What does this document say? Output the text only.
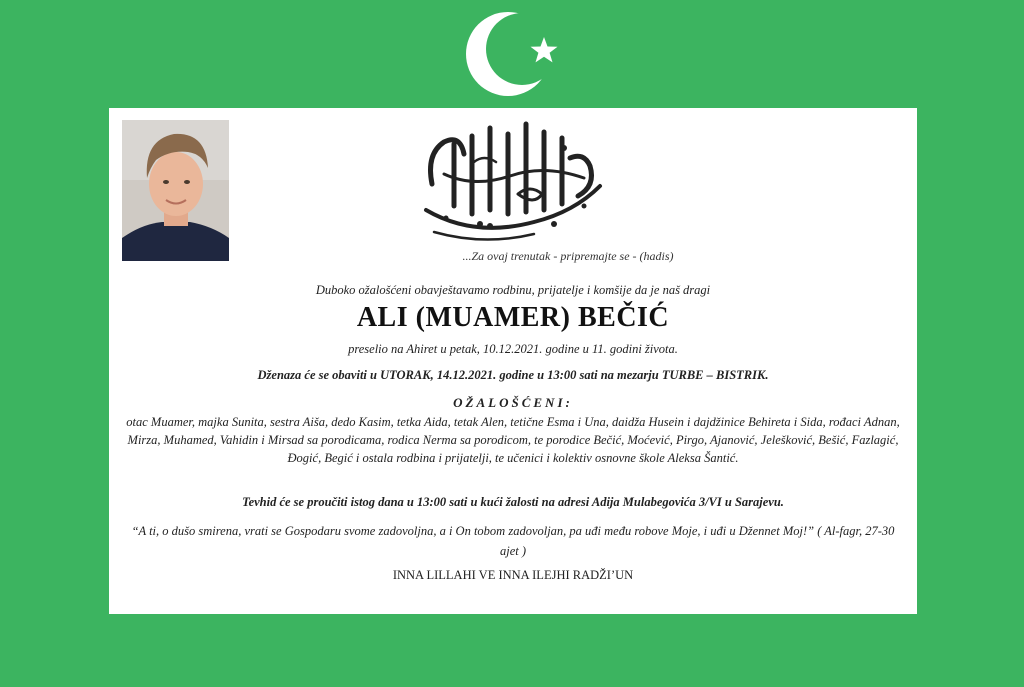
...Za ovaj trenutak - pripremajte se - (hadis)
Duboko ožalošćeni obavještavamo rodbinu, prijatelje i komšije da je naš dragi
ALI (MUAMER) BEČIĆ
preselio na Ahiret u petak, 10.12.2021. godine u 11. godini života.
Dženaza će se obaviti u UTORAK, 14.12.2021. godine u 13:00 sati na mezarju TURBE – BISTRIK.
OŽALOŠĆENI:
otac Muamer, majka Sunita, sestra Aiša, dedo Kasim, tetka Aida, tetak Alen, tetične Esma i Una, daidža Husein i dajdžinice Behireta i Sida, rođaci Adnan, Mirza, Muhamed, Vahidin i Mirsad sa porodicama, rodica Nerma sa porodicom, te porodice Bečić, Moćević, Pirgo, Ajanović, Jelešković, Bešić, Fazlagić, Đogić, Begić i ostala rodbina i prijatelji, te učenici i kolektiv osnovne škole Aleksa Šantić.
Tevhid će se proučiti istog dana u 13:00 sati u kući žalosti na adresi Adija Mulabegovića 3/VI u Sarajevu.
“A ti, o dušo smirena, vrati se Gospodaru svome zadovoljna, a i On tobom zadovoljan, pa uđi među robove Moje, i uđi u Džennet Moj!” ( Al-fagr, 27-30 ajet )
INNA LILLAHI VE INNA ILEJHI RADŽI’UN
